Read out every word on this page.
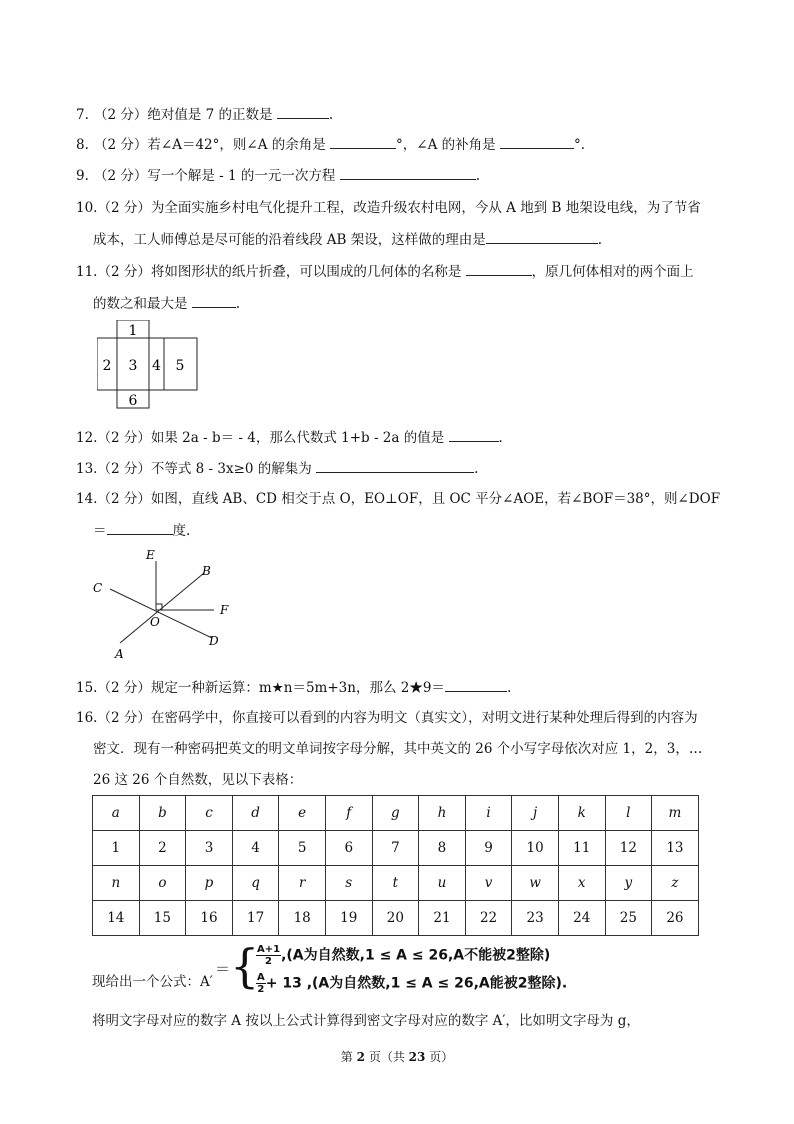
7. （2 分）绝对值是 7 的正数是	.
8. （2 分）若∠A＝42°，则∠A 的余角是	°，∠A 的补角是	°.
9. （2 分）写一个解是 - 1 的一元一次方程	.
10.（2 分）为全面实施乡村电气化提升工程，改造升级农村电网，今从 A 地到 B 地架设电线，为了节省
成本，工人师傅总是尽可能的沿着线段 AB 架设，这样做的理由是	.
11.（2 分）将如图形状的纸片折叠，可以围成的几何体的名称是	，原几何体相对的两个面上
的数之和最大是	.
1
2 3 4 5
6
12.（2 分）如果 2a - b＝ - 4，那么代数式 1+b - 2a 的值是	.
13.（2 分）不等式 8 - 3x≥0 的解集为	.
14.（2 分）如图，直线 AB、CD 相交于点 O，EO⊥OF，且 OC 平分∠AOE，若∠BOF＝38°，则∠DOF
＝	度.
E
B
C
F
O
D
A
15.（2 分）规定一种新运算：m★n＝5m+3n，那么 2★9＝	.
16.（2 分）在密码学中，你直接可以看到的内容为明文（真实文），对明文进行某种处理后得到的内容为
密文．现有一种密码把英文的明文单词按字母分解，其中英文的 26 个小写字母依次对应 1，2，3，…
26 这 26 个自然数，见以下表格：
a	b	c	d	e	f	g	h	i	j	k	l	m
1	2	3	4	5	6	7	8	9	10	11	12	13
n	o	p	q	r	s	t	u	v	w	x	y	z
14	15	16	17	18	19	20	21	22	23	24	25	26
现给出一个公式：A′
＝ {
$\frac{A+1}{2} ,(A$为自然数,1 ≤ A ≤ 26,A不能被2整除)
$\frac{A}{2} + 13$ ,(A为自然数,1 ≤ A ≤ 26,A能被2整除).
将明文字母对应的数字 A 按以上公式计算得到密文字母对应的数字 A′，比如明文字母为 g，
第 2 页（共 23 页）
